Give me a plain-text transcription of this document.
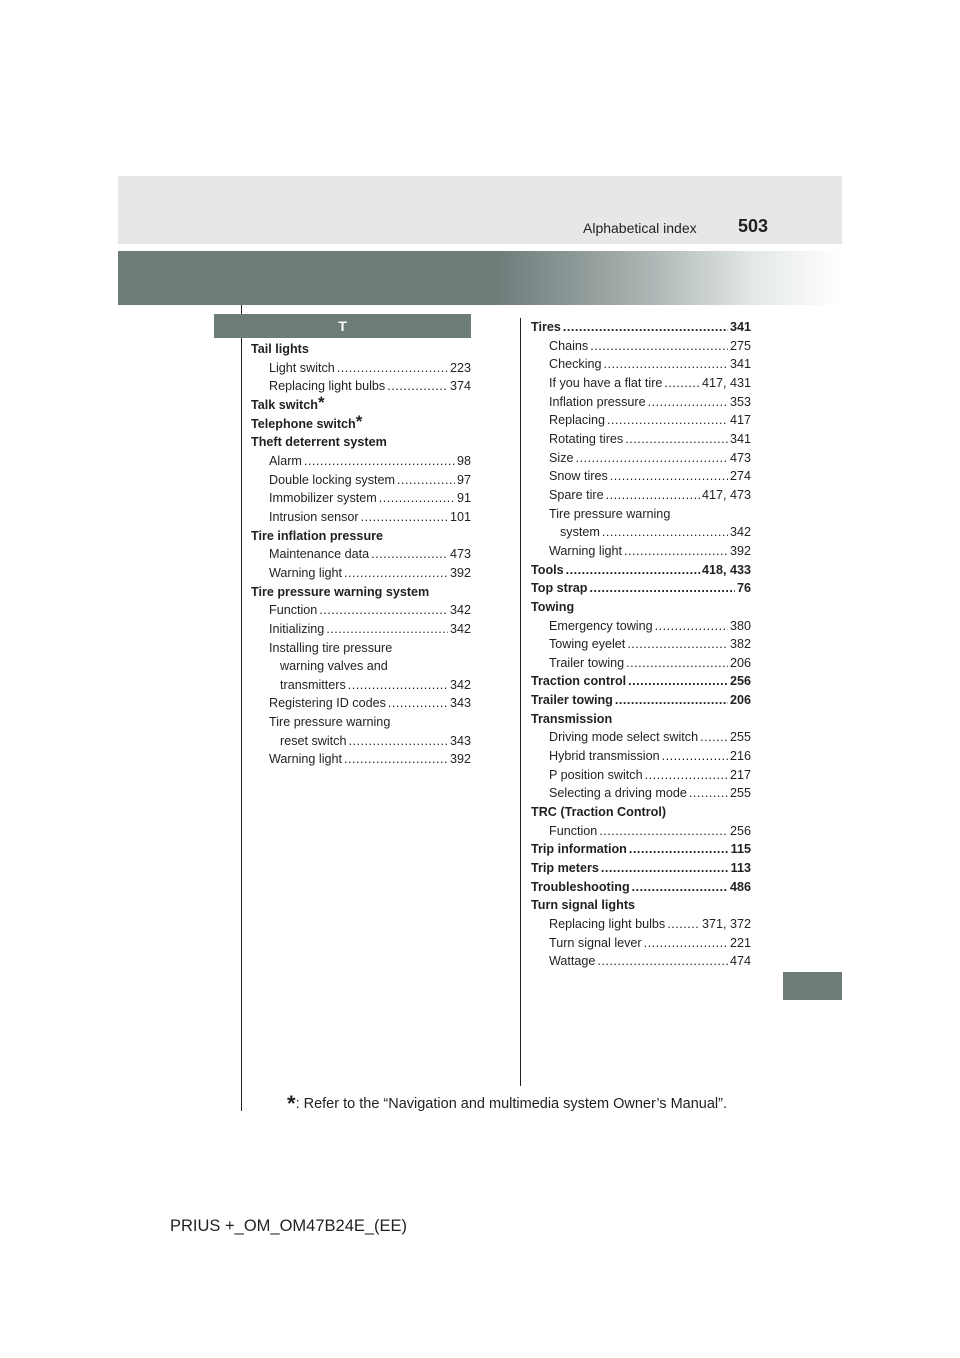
Alphabetical index 503
T
Tail lights
Light switch .....	223
Replacing light bulbs .....	374
Talk switch*
Telephone switch*
Theft deterrent system
Alarm .....	98
Double locking system .....	97
Immobilizer system .....	91
Intrusion sensor .....	101
Tire inflation pressure
Maintenance data .....	473
Warning light .....	392
Tire pressure warning system
Function .....	342
Initializing .....	342
Installing tire pressure
warning valves and
transmitters .....	342
Registering ID codes .....	343
Tire pressure warning
reset switch .....	343
Warning light .....	392
Tires .....	341
Chains .....	275
Checking .....	341
If you have a flat tire .....	417, 431
Inflation pressure .....	353
Replacing .....	417
Rotating tires .....	341
Size .....	473
Snow tires .....	274
Spare tire .....	417, 473
Tire pressure warning
system .....	342
Warning light .....	392
Tools .....	418, 433
Top strap .....	76
Towing
Emergency towing .....	380
Towing eyelet .....	382
Trailer towing .....	206
Traction control .....	256
Trailer towing .....	206
Transmission
Driving mode select switch .....	255
Hybrid transmission .....	216
P position switch .....	217
Selecting a driving mode .....	255
TRC (Traction Control)
Function .....	256
Trip information .....	115
Trip meters .....	113
Troubleshooting .....	486
Turn signal lights
Replacing light bulbs .....	371, 372
Turn signal lever .....	221
Wattage .....	474
*: Refer to the “Navigation and multimedia system Owner’s Manual”.
PRIUS +_OM_OM47B24E_(EE)
